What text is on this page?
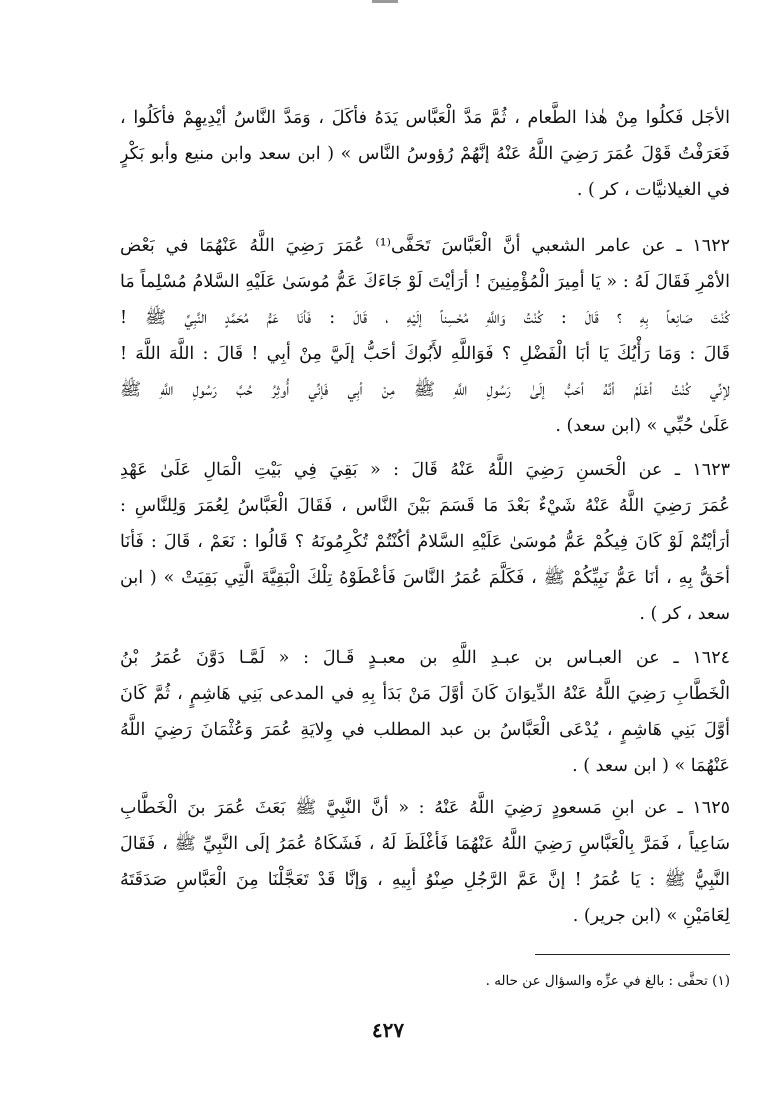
الأجَل فَكلُوا مِنْ هٰذا الطَّعام ، ثُمَّ مَدَّ الْعَبَّاس يَدَهُ فأكَلَ ، وَمَدَّ النَّاسُ أيْدِيهِمْ فأكَلُوا ،
فَعَرَفْتُ قَوْلَ عُمَرَ رَضِيَ اللَّهُ عَنْهُ إنَّهُمْ رُؤوسُ النَّاس » ( ابن سعد وابن منيع وأبو بَكْرٍ
في الغيلانيَّات ، كر ) .
١٦٢٢ ـ عن عامر الشعبي أنَّ الْعَبَّاسَ تَحَفَّى⁽¹⁾ عُمَرَ رَضِيَ اللَّهُ عَنْهُمَا في بَعْض
الأمْرِ فَقَالَ لَهُ : « يَا أمِيرَ الْمُؤْمِنِينَ ! أرَأيْتَ لَوْ جَاءَكَ عَمُّ مُوسَىٰ عَلَيْهِ السَّلامُ مُسْلِماً مَا
كُنْتَ صَانِعاً بِهِ ؟ قَالَ : كُنْتُ وَاللَّهِ مُحْسِناً إلَيْهِ ، قَالَ : فَأنَا عَمُّ مُحَمَّدٍ النَّبِيِّ ﷺ !
قَالَ : وَمَا رَأْيُكَ يَا أبَا الْفَضْلِ ؟ فَوَاللَّهِ لأَبُوكَ أحَبُّ إلَيَّ مِنْ أبِي ! قَالَ : اللَّهَ اللَّهَ !
لإنِّي كُنْتُ أعْلَمُ أنَّهُ أحَبُّ إلَىٰ رَسُولِ اللَّهِ ﷺ مِنْ أبِي فَإنِّي أُوثِرُ حُبَّ رَسُولِ اللَّهِ ﷺ
عَلَىٰ حُبِّي » (ابن سعد) .
١٦٢٣ ـ عن الْحَسنِ رَضِيَ اللَّهُ عَنْهُ قَالَ : « بَقِيَ فِي بَيْتِ الْمَالِ عَلَىٰ عَهْدِ
عُمَرَ رَضِيَ اللَّهُ عَنْهُ شَيْءٌ بَعْدَ مَا قَسَمَ بَيْنَ النَّاس ، فَقَالَ الْعَبَّاسُ لِعُمَرَ وَلِلنَّاسِ :
أرَأيْتُمْ لَوْ كَانَ فِيكُمْ عَمُّ مُوسَىٰ عَلَيْهِ السَّلامُ أكُنْتُمْ تُكْرِمُونَهُ ؟ قَالُوا : نَعَمْ ، قَالَ : فَأنَا
أحَقُّ بِهِ ، أنَا عَمُّ نَبِيِّكُمْ ﷺ ، فَكَلَّمَ عُمَرُ النَّاسَ فَأعْطَوْهُ تِلْكَ الْبَقِيَّةَ الَّتِي بَقِيَتْ » ( ابن
سعد ، كر ) .
١٦٢٤ ـ عن العبـاس بن عبـدِ اللَّهِ بن معبـدٍ قَـالَ : « لَمَّـا دَوَّنَ عُمَرُ بْنُ
الْخَطَّابِ رَضِيَ اللَّهُ عَنْهُ الدِّيوَانَ كَانَ أوَّلَ مَنْ بَدَأ بِهِ في المدعى بَنِي هَاشِمٍ ، ثُمَّ كَانَ
أوَّلَ بَنِي هَاشِمٍ ، يُدْعَى الْعَبَّاسُ بن عبد المطلب في وِلايَةِ عُمَرَ وَعُثْمَانَ رَضِيَ اللَّهُ
عَنْهُمَا » ( ابن سعد ) .
١٦٢٥ ـ عن ابنِ مَسعودٍ رَضِيَ اللَّهُ عَنْهُ : « أنَّ النَّبِيَّ ﷺ بَعَثَ عُمَرَ بنَ الْخَطَّابِ
سَاعِياً ، فَمَرَّ بِالْعَبَّاسِ رَضِيَ اللَّهُ عَنْهُمَا فَأغْلَظَ لَهُ ، فَشَكَاهُ عُمَرُ إلَى النَّبِيِّ ﷺ ، فَقَالَ
النَّبِيُّ ﷺ : يَا عُمَرُ ! إنَّ عَمَّ الرَّجُلِ صِنْوُ أبِيهِ ، وَإنَّا قَدْ تَعَجَّلْنَا مِنَ الْعَبَّاسِ صَدَقَتَهُ
لِعَامَيْنِ » (ابن جرير) .
(١) تحفَّى : بالغ في عزِّه والسؤال عن حاله .
٤٢٧
